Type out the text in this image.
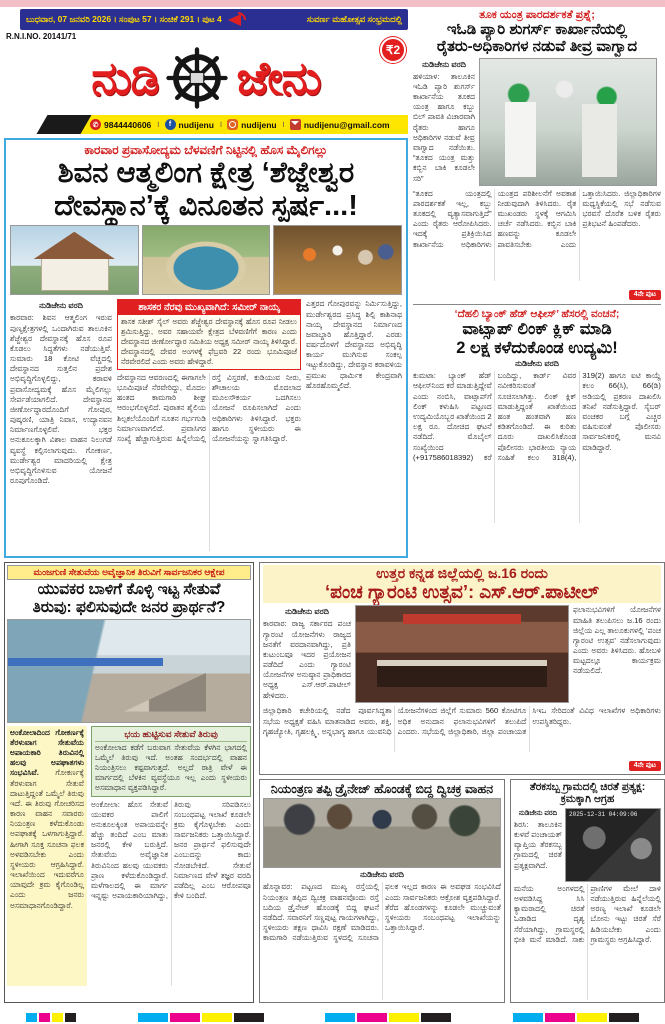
ಬುಧವಾರ, 07 ಜನವರಿ 2026 । ಸಂಪುಟ 57 । ಸಂಚಿಕೆ 291 । ಪುಟ 4	ಸುವರ್ಣ ಮಹೋತ್ಸವ ಸಂಭ್ರಮದಲ್ಲಿ
R.N.I.NO. 20141/71
ನುಡಿ ಜೇನು
₹2
✆ 9844440606 ।	f nudijenu । nudijenu । nudijenu@gmail.com
ಕಾರವಾರ ಪ್ರವಾಸೋದ್ಯಮ ಬೆಳವಣಿಗೆ ನಿಟ್ಟಿನಲ್ಲಿ ಹೊಸ ಮೈಲಿಗಲ್ಲು
ಶಿವನ ಆತ್ಮಲಿಂಗ ಕ್ಷೇತ್ರ ‘ಶೆಜ್ಜೇಶ್ವರ
ದೇವಸ್ಥಾನ’ಕ್ಕೆ ವಿನೂತನ ಸ್ಪರ್ಷ...!
ನುಡಿಜೇನು ವರದಿ
ಕಾರವಾರ: ಶಿವನ ಆತ್ಮಲಿಂಗ ಇರುವ ಪುಣ್ಯಕ್ಷೇತ್ರಗಳಲ್ಲಿ ಒಂದಾಗಿರುವ ತಾಲೂಕಿನ ಶೆಜ್ಜೇಶ್ವರ ದೇವಸ್ಥಾನಕ್ಕೆ ಹೊಸ ರೂಪ ಕೊಡಲು ಸಿದ್ಧತೆಗಳು ನಡೆಯುತ್ತಿವೆ. ಸುಮಾರು 18 ಕೋಟಿ ವೆಚ್ಚದಲ್ಲಿ ದೇವಸ್ಥಾನದ ಸುತ್ತಲಿನ ಪ್ರದೇಶ ಅಭಿವೃದ್ಧಿಗೊಳ್ಳಲಿದ್ದು, ಕರಾವಳಿ ಪ್ರವಾಸೋದ್ಯಮಕ್ಕೆ ಹೊಸ ಮೈಲಿಗಲ್ಲು ಸೇರ್ಪಡೆಯಾಗಲಿದೆ. ದೇವಸ್ಥಾನದ ಜೀರ್ಣೋದ್ಧಾರದೊಂದಿಗೆ ಗೋಪುರ, ಪುಷ್ಕರಣಿ, ಯಾತ್ರಿ ನಿವಾಸ, ಉದ್ಯಾನವನ ನಿರ್ಮಾಣಗೊಳ್ಳಲಿವೆ. ಭಕ್ತರ ಅನುಕೂಲಕ್ಕಾಗಿ ವಿಶಾಲ ವಾಹನ ನಿಲುಗಡೆ ವ್ಯವಸ್ಥೆ ಕಲ್ಪಿಸಲಾಗುವುದು. ಗೋಕರ್ಣ, ಮುರ್ಡೇಶ್ವರ ಮಾದರಿಯಲ್ಲಿ ಕ್ಷೇತ್ರ ಅಭಿವೃದ್ಧಿಗೊಳಿಸುವ ಯೋಜನೆ ರೂಪುಗೊಂಡಿದೆ.
ಶಾಸಕರ ನೆರವು ಮುಖ್ಯವಾಗಿದೆ: ಸಮೀರ್ ನಾಯ್ಕ
ಶಾಸಕ ಸತೀಶ್ ಸೈಲ್ ಅವರು ಶೆಜ್ಜೇಶ್ವರ ದೇವಸ್ಥಾನಕ್ಕೆ ಹೊಸ ರೂಪ ನೀಡಲು ಶ್ರಮಿಸುತ್ತಿದ್ದು, ಅವರ ಸಹಾಯವೇ ಕ್ಷೇತ್ರದ ಬೆಳವಣಿಗೆಗೆ ಕಾರಣ ಎಂದು ದೇವಸ್ಥಾನದ ಜೀರ್ಣೋದ್ಧಾರ ಸಮಿತಿಯ ಅಧ್ಯಕ್ಷ ಸಮೀರ್ ನಾಯ್ಕ ತಿಳಿಸಿದ್ದಾರೆ. ದೇವಸ್ಥಾನದಲ್ಲಿ ದೇವರ ಅಂಗಳಕ್ಕೆ ಫೆಬ್ರವರಿ 22 ರಂದು ಭೂಮಿಪೂಜೆ ನೆರವೇರಲಿದೆ ಎಂದು ಅವರು ಹೇಳಿದ್ದಾರೆ.
ದೇವಸ್ಥಾನದ ಆವರಣದಲ್ಲಿ ಈಗಾಗಲೇ ಭೂಮಿಪೂಜೆ ನೆರವೇರಿದ್ದು, ಮೊದಲ ಹಂತದ ಕಾಮಗಾರಿ ಶೀಘ್ರ ಆರಂಭಗೊಳ್ಳಲಿದೆ. ಪುರಾತನ ಶೈಲಿಯ ಶಿಲ್ಪಕಲೆಯೊಂದಿಗೆ ನೂತನ ಗರ್ಭಗುಡಿ ನಿರ್ಮಾಣವಾಗಲಿದೆ. ಪ್ರವಾಸಿಗರ ಸಂಖ್ಯೆ ಹೆಚ್ಚಾಗುತ್ತಿರುವ ಹಿನ್ನೆಲೆಯಲ್ಲಿ ರಸ್ತೆ ವಿಸ್ತರಣೆ, ಕುಡಿಯುವ ನೀರು, ಶೌಚಾಲಯ ಮೊದಲಾದ ಮೂಲಸೌಕರ್ಯ ಒದಗಿಸಲು ಯೋಜನೆ ರೂಪಿಸಲಾಗಿದೆ ಎಂದು ಅಧಿಕಾರಿಗಳು ತಿಳಿಸಿದ್ದಾರೆ. ಭಕ್ತರು ಹಾಗೂ ಸ್ಥಳೀಯರು ಈ ಯೋಜನೆಯನ್ನು ಸ್ವಾಗತಿಸಿದ್ದಾರೆ.
ಎತ್ತರದ ಗೋಪುರವನ್ನು ನಿರ್ಮಿಸುತ್ತಿದ್ದು, ಮುರ್ಡೇಶ್ವರದ ಪ್ರಸಿದ್ಧ ಶಿಲ್ಪಿ ಕಾಶಿನಾಥ ನಾಯ್ಕ ದೇವಸ್ಥಾನದ ನಿರ್ಮಾಣದ ಜವಾಬ್ದಾರಿ ಹೊತ್ತಿದ್ದಾರೆ. ಎರಡು ವರ್ಷದೊಳಗೆ ದೇವಸ್ಥಾನದ ಅಭಿವೃದ್ಧಿ ಕಾರ್ಯ ಮುಗಿಸುವ ಸಂಕಲ್ಪ ಇಟ್ಟುಕೊಂಡಿದ್ದು, ದೇವಸ್ಥಾನ ಕರಾವಳಿಯ ಪ್ರಮುಖ ಧಾರ್ಮಿಕ ಕೇಂದ್ರವಾಗಿ ಹೊರಹೊಮ್ಮಲಿದೆ.
ತೂಕ ಯಂತ್ರ ಪಾರದರ್ಶಕತೆ ಪ್ರಶ್ನೆ;
ಇಓಡಿ ಪ್ಯಾರಿ ಶುಗರ್ಸ್ ಕಾರ್ಖಾನೆಯಲ್ಲಿ
ರೈತರು-ಅಧಿಕಾರಿಗಳ ನಡುವೆ ತೀವ್ರ ವಾಗ್ವಾದ
ನುಡಿಜೇನು ವರದಿ
ಹಳಿಯಾಳ: ತಾಲೂಕಿನ ಇಓಡಿ ಪ್ಯಾರಿ ಶುಗರ್ಸ್ ಕಾರ್ಖಾನೆಯ ತೂಕದ ಯಂತ್ರ ಹಾಗೂ ಕಬ್ಬು ಬಿಲ್ ಪಾವತಿ ವಿಚಾರವಾಗಿ ರೈತರು ಹಾಗೂ ಅಧಿಕಾರಿಗಳ ನಡುವೆ ತೀವ್ರ ವಾಗ್ವಾದ ನಡೆಯಿತು. “ತೂಕದ ಯಂತ್ರ ಮತ್ತು ಕಬ್ಬಿನ ಬಾಕಿ ಕೂಡಲೇ ಸರಿ”
“ತೂಕದ ಯಂತ್ರದಲ್ಲಿ ಪಾರದರ್ಶಕತೆ ಇಲ್ಲ, ಕಬ್ಬು ತೂಕದಲ್ಲಿ ವ್ಯತ್ಯಾಸವಾಗುತ್ತಿದೆ” ಎಂದು ರೈತರು ಆರೋಪಿಸಿದರು. ಇದಕ್ಕೆ ಪ್ರತಿಕ್ರಿಯಿಸಿದ ಕಾರ್ಖಾನೆಯ ಅಧಿಕಾರಿಗಳು ಯಂತ್ರದ ಪರಿಶೀಲನೆಗೆ ಅವಕಾಶ ನೀಡುವುದಾಗಿ ತಿಳಿಸಿದರು. ರೈತ ಮುಖಂಡರು ಸ್ಥಳಕ್ಕೆ ಆಗಮಿಸಿ ಚರ್ಚೆ ನಡೆಸಿದರು. ಕಬ್ಬಿನ ಬಾಕಿ ಹಣವನ್ನು ಕೂಡಲೇ ಪಾವತಿಸಬೇಕು ಎಂದು ಒತ್ತಾಯಿಸಿದರು. ಜಿಲ್ಲಾಧಿಕಾರಿಗಳ ಮಧ್ಯಸ್ಥಿಕೆಯಲ್ಲಿ ಸಭೆ ನಡೆಸುವ ಭರವಸೆ ದೊರೆತ ಬಳಿಕ ರೈತರು ಪ್ರತಿಭಟನೆ ಹಿಂಪಡೆದರು.
4ನೇ ಪುಟ
‘ದೆಹಲಿ ಬ್ಯಾಂಕ್ ಹೆಡ್ ಆಫೀಸ್’ ಹೆಸರಲ್ಲಿ ವಂಚನೆ;
ವಾಟ್ಸಾಪ್ ಲಿಂಕ್ ಕ್ಲಿಕ್ ಮಾಡಿ
2 ಲಕ್ಷ ಕಳೆದುಕೊಂಡ ಉದ್ಯಮಿ!
ನುಡಿಜೇನು ವರದಿ
ಕುಮಟಾ: ಬ್ಯಾಂಕ್ ಹೆಡ್ ಆಫೀಸ್‌ನಿಂದ ಕರೆ ಮಾಡುತ್ತಿದ್ದೇವೆ ಎಂದು ನಂಬಿಸಿ, ವಾಟ್ಸಾಪ್‌ಗೆ ಲಿಂಕ್ ಕಳುಹಿಸಿ ಪಟ್ಟಣದ ಉದ್ಯಮಿಯೊಬ್ಬರ ಖಾತೆಯಿಂದ 2 ಲಕ್ಷ ರೂ. ದೋಚಿದ ಘಟನೆ ನಡೆದಿದೆ. ಮೊಬೈಲ್ ಸಂಖ್ಯೆಯಿಂದ (+917586018392) ಕರೆ ಬಂದಿದ್ದು, ಕಾರ್ಡ್ ವಿವರ ನವೀಕರಿಸುವಂತೆ ಸೂಚಿಸಲಾಗಿತ್ತು. ಲಿಂಕ್ ಕ್ಲಿಕ್ ಮಾಡುತ್ತಿದ್ದಂತೆ ಖಾತೆಯಿಂದ ಹಂತ ಹಂತವಾಗಿ ಹಣ ಕಡಿತಗೊಂಡಿದೆ. ಈ ಕುರಿತು ದೂರು ದಾಖಲಿಸಿಕೊಂಡ ಪೊಲೀಸರು ಭಾರತೀಯ ನ್ಯಾಯ ಸಂಹಿತೆ ಕಲಂ 318(4), 319(2) ಹಾಗೂ ಐಟಿ ಕಾಯ್ದೆ ಕಲಂ 66(ಸಿ), 66(ಡಿ) ಅಡಿಯಲ್ಲಿ ಪ್ರಕರಣ ದಾಖಲಿಸಿ ತನಿಖೆ ನಡೆಸುತ್ತಿದ್ದಾರೆ. ಸೈಬರ್ ವಂಚಕರ ಬಗ್ಗೆ ಎಚ್ಚರ ವಹಿಸುವಂತೆ ಪೊಲೀಸರು ಸಾರ್ವಜನಿಕರಲ್ಲಿ ಮನವಿ ಮಾಡಿದ್ದಾರೆ.
ಮಂಜಗುಣಿ ಸೇತುವೆಯ ಅವೈಜ್ಞಾನಿಕ ತಿರುವಿಗೆ ಸಾರ್ವಜನಿಕರ ಆಕ್ಷೇಪ
ಯುವಕರ ಬಾಳಿಗೆ ಕೊಳ್ಳಿ ಇಟ್ಟ ಸೇತುವೆ
ತಿರುವು: ಫಲಿಸುವುದೇ ಜನರ ಪ್ರಾರ್ಥನೆ?
ಅಂಕೋಲಾದಿಂದ ಗೋಕರ್ಣಕ್ಕೆ ತೆರಳುವಾಗ ಸೇತುವೆಯ ಅಪಾಯಕಾರಿ ತಿರುವಿನಲ್ಲಿ ಹಲವು ಅಪಘಾತಗಳು ಸಂಭವಿಸಿವೆ. ಗೋಕರ್ಣಕ್ಕೆ ತೆರಳುವಾಗ ಸೇತುವೆ ದಾಟುತ್ತಿದ್ದಂತೆ ಒಮ್ಮೆಲೆ ತಿರುವು ಇದೆ. ಈ ತಿರುವು ಗೋಚರಿಸದ ಕಾರಣ ವಾಹನ ಸವಾರರು ನಿಯಂತ್ರಣ ಕಳೆದುಕೊಂಡು ಅಪಘಾತಕ್ಕೆ ಒಳಗಾಗುತ್ತಿದ್ದಾರೆ. ಹೀಗಾಗಿ ಸೂಕ್ತ ಸೂಚನಾ ಫಲಕ ಅಳವಡಿಸಬೇಕು ಎಂದು ಸ್ಥಳೀಯರು ಆಗ್ರಹಿಸಿದ್ದಾರೆ. ಇಲಾಖೆಯಿಂದ ಇದುವರೆಗೂ ಯಾವುದೇ ಕ್ರಮ ಕೈಗೊಂಡಿಲ್ಲ ಎಂದು ಜನರು ಅಸಮಾಧಾನಗೊಂಡಿದ್ದಾರೆ.
ಭಯ ಹುಟ್ಟಿಸುವ ಸೇತುವೆ ತಿರುವು
ಅಂಕೋಲಾದ ಕಡೆಗೆ ಬರುವಾಗ ಸೇತುವೆಯ ಕೆಳಗಿನ ಭಾಗದಲ್ಲಿ ಒಮ್ಮೆಲೆ ತಿರುವು ಇದೆ. ಅಂತಹ ಸಂದರ್ಭದಲ್ಲಿ ವಾಹನ ನಿಯಂತ್ರಿಸಲು ಕಷ್ಟವಾಗುತ್ತದೆ. ಅಲ್ಲದೆ ರಾತ್ರಿ ವೇಳೆ ಈ ಮಾರ್ಗದಲ್ಲಿ ಬೆಳಕಿನ ವ್ಯವಸ್ಥೆಯೂ ಇಲ್ಲ ಎಂದು ಸ್ಥಳೀಯರು ಅಸಮಾಧಾನ ವ್ಯಕ್ತಪಡಿಸಿದ್ದಾರೆ.
ಅಂಕೋಲಾ: ಹೊಸ ಸೇತುವೆ ಯುವಕರ ಪಾಲಿಗೆ ಅನುಕೂಲಕ್ಕಿಂತ ಅಪಾಯವನ್ನೇ ಹೆಚ್ಚು ತಂದಿದೆ ಎಂಬ ಮಾತು ಜನರಲ್ಲಿ ಕೇಳಿ ಬರುತ್ತಿದೆ. ಸೇತುವೆಯ ಅವೈಜ್ಞಾನಿಕ ತಿರುವಿನಿಂದ ಹಲವು ಯುವಕರು ಪ್ರಾಣ ಕಳೆದುಕೊಂಡಿದ್ದಾರೆ. ಮಳೆಗಾಲದಲ್ಲಿ ಈ ಮಾರ್ಗ ಇನ್ನಷ್ಟು ಅಪಾಯಕಾರಿಯಾಗಿದ್ದು, ತಿರುವು ಸರಿಪಡಿಸಲು ಸಂಬಂಧಪಟ್ಟ ಇಲಾಖೆ ಕೂಡಲೇ ಕ್ರಮ ಕೈಗೊಳ್ಳಬೇಕು ಎಂದು ಸಾರ್ವಜನಿಕರು ಒತ್ತಾಯಿಸಿದ್ದಾರೆ. ಜನರ ಪ್ರಾರ್ಥನೆ ಫಲಿಸುವುದೇ ಎಂಬುದನ್ನು ಕಾದು ನೋಡಬೇಕಿದೆ. ಸೇತುವೆ ನಿರ್ಮಾಣದ ವೇಳೆ ತಜ್ಞರ ವರದಿ ಪಡೆದಿಲ್ಲ ಎಂಬ ಆರೋಪವೂ ಕೇಳಿ ಬಂದಿದೆ.
ಉತ್ತರ ಕನ್ನಡ ಜಿಲ್ಲೆಯಲ್ಲಿ ಜ.16 ರಂದು
‘ಪಂಚ ಗ್ಯಾರಂಟಿ ಉತ್ಸವ’: ಎಸ್.ಆರ್.ಪಾಟೀಲ್
ನುಡಿಜೇನು ವರದಿ
ಕಾರವಾರ: ರಾಜ್ಯ ಸರ್ಕಾರದ ಪಂಚ ಗ್ಯಾರಂಟಿ ಯೋಜನೆಗಳು ರಾಜ್ಯದ ಜನತೆಗೆ ವರದಾನವಾಗಿದ್ದು, ಪ್ರತಿ ಕುಟುಂಬವೂ ಇದರ ಪ್ರಯೋಜನ ಪಡೆದಿದೆ ಎಂದು ಗ್ಯಾರಂಟಿ ಯೋಜನೆಗಳ ಅನುಷ್ಠಾನ ಪ್ರಾಧಿಕಾರದ ಅಧ್ಯಕ್ಷ ಎಸ್.ಆರ್.ಪಾಟೀಲ್ ಹೇಳಿದರು.
ಫಲಾನುಭವಿಗಳಿಗೆ ಯೋಜನೆಗಳ ಮಾಹಿತಿ ತಲುಪಿಸಲು ಜ.16 ರಂದು ಜಿಲ್ಲೆಯ ಎಲ್ಲ ತಾಲೂಕುಗಳಲ್ಲಿ ‘ಪಂಚ ಗ್ಯಾರಂಟಿ ಉತ್ಸವ’ ನಡೆಸಲಾಗುವುದು ಎಂದು ಅವರು ತಿಳಿಸಿದರು. ಹೋಬಳಿ ಮಟ್ಟದಲ್ಲೂ ಕಾರ್ಯಕ್ರಮ ನಡೆಯಲಿದೆ.
ಜಿಲ್ಲಾಧಿಕಾರಿ ಕಚೇರಿಯಲ್ಲಿ ನಡೆದ ಪೂರ್ವಸಿದ್ಧತಾ ಸಭೆಯ ಅಧ್ಯಕ್ಷತೆ ವಹಿಸಿ ಮಾತನಾಡಿದ ಅವರು, ಶಕ್ತಿ, ಗೃಹಜ್ಯೋತಿ, ಗೃಹಲಕ್ಷ್ಮಿ, ಅನ್ನಭಾಗ್ಯ ಹಾಗೂ ಯುವನಿಧಿ ಯೋಜನೆಗಳಿಂದ ಜಿಲ್ಲೆಗೆ ಸುಮಾರು 560 ಕೋಟಿಗೂ ಅಧಿಕ ಅನುದಾನ ಫಲಾನುಭವಿಗಳಿಗೆ ತಲುಪಿದೆ ಎಂದರು. ಸಭೆಯಲ್ಲಿ ಜಿಲ್ಲಾಧಿಕಾರಿ, ಜಿಲ್ಲಾ ಪಂಚಾಯತ ಸಿಇಒ ಸೇರಿದಂತೆ ವಿವಿಧ ಇಲಾಖೆಗಳ ಅಧಿಕಾರಿಗಳು ಉಪಸ್ಥಿತರಿದ್ದರು.
4ನೇ ಪುಟ
ನಿಯಂತ್ರಣ ತಪ್ಪಿ ಡ್ರೈನೇಜ್ ಹೊಂಡಕ್ಕೆ ಬಿದ್ದ ದ್ವಿಚಕ್ರ ವಾಹನ
ನುಡಿಜೇನು ವರದಿ
ಹೊನ್ನಾವರ: ಪಟ್ಟಣದ ಮುಖ್ಯ ರಸ್ತೆಯಲ್ಲಿ ನಿಯಂತ್ರಣ ತಪ್ಪಿದ ದ್ವಿಚಕ್ರ ವಾಹನವೊಂದು ರಸ್ತೆ ಬದಿಯ ಡ್ರೈನೇಜ್ ಹೊಂಡಕ್ಕೆ ಬಿದ್ದ ಘಟನೆ ನಡೆದಿದೆ. ಸವಾರನಿಗೆ ಸಣ್ಣಪುಟ್ಟ ಗಾಯಗಳಾಗಿದ್ದು, ಸ್ಥಳೀಯರು ತಕ್ಷಣ ಧಾವಿಸಿ ರಕ್ಷಣೆ ಮಾಡಿದರು. ಕಾಮಗಾರಿ ನಡೆಯುತ್ತಿರುವ ಸ್ಥಳದಲ್ಲಿ ಸೂಚನಾ ಫಲಕ ಇಲ್ಲದ ಕಾರಣ ಈ ಅವಘಡ ಸಂಭವಿಸಿದೆ ಎಂದು ಸಾರ್ವಜನಿಕರು ಆಕ್ರೋಶ ವ್ಯಕ್ತಪಡಿಸಿದ್ದಾರೆ. ತೆರೆದ ಹೊಂಡಗಳನ್ನು ಕೂಡಲೇ ಮುಚ್ಚುವಂತೆ ಸ್ಥಳೀಯರು ಸಂಬಂಧಪಟ್ಟ ಇಲಾಖೆಯನ್ನು ಒತ್ತಾಯಿಸಿದ್ದಾರೆ.
ತೆರಕಸಬ್ಬ ಗ್ರಾಮದಲ್ಲಿ ಚಿರತೆ ಪ್ರತ್ಯಕ್ಷ: ಕ್ರಮಕ್ಕಾಗಿ ಆಗ್ರಹ
ನುಡಿಜೇನು ವರದಿ
ಶಿರಸಿ: ತಾಲೂಕಿನ ಕುಳವೆ ಪಂಚಾಯತ್ ವ್ಯಾಪ್ತಿಯ ತೆರಕಸಬ್ಬ ಗ್ರಾಮದಲ್ಲಿ ಚಿರತೆ ಪ್ರತ್ಯಕ್ಷವಾಗಿದೆ.
2025-12-31 04:09:06
ಮನೆಯ ಅಂಗಳದಲ್ಲಿ ಅಳವಡಿಸಿದ್ದ ಸಿಸಿ ಕ್ಯಾಮರಾದಲ್ಲಿ ಚಿರತೆ ಓಡಾಡಿದ ದೃಶ್ಯ ಸೆರೆಯಾಗಿದ್ದು, ಗ್ರಾಮಸ್ಥರಲ್ಲಿ ಭೀತಿ ಮನೆ ಮಾಡಿದೆ. ಸಾಕು ಪ್ರಾಣಿಗಳ ಮೇಲೆ ದಾಳಿ ನಡೆಯುತ್ತಿರುವ ಹಿನ್ನೆಲೆಯಲ್ಲಿ ಅರಣ್ಯ ಇಲಾಖೆ ಕೂಡಲೇ ಬೋನು ಇಟ್ಟು ಚಿರತೆ ಸೆರೆ ಹಿಡಿಯಬೇಕು ಎಂದು ಗ್ರಾಮಸ್ಥರು ಆಗ್ರಹಿಸಿದ್ದಾರೆ.
